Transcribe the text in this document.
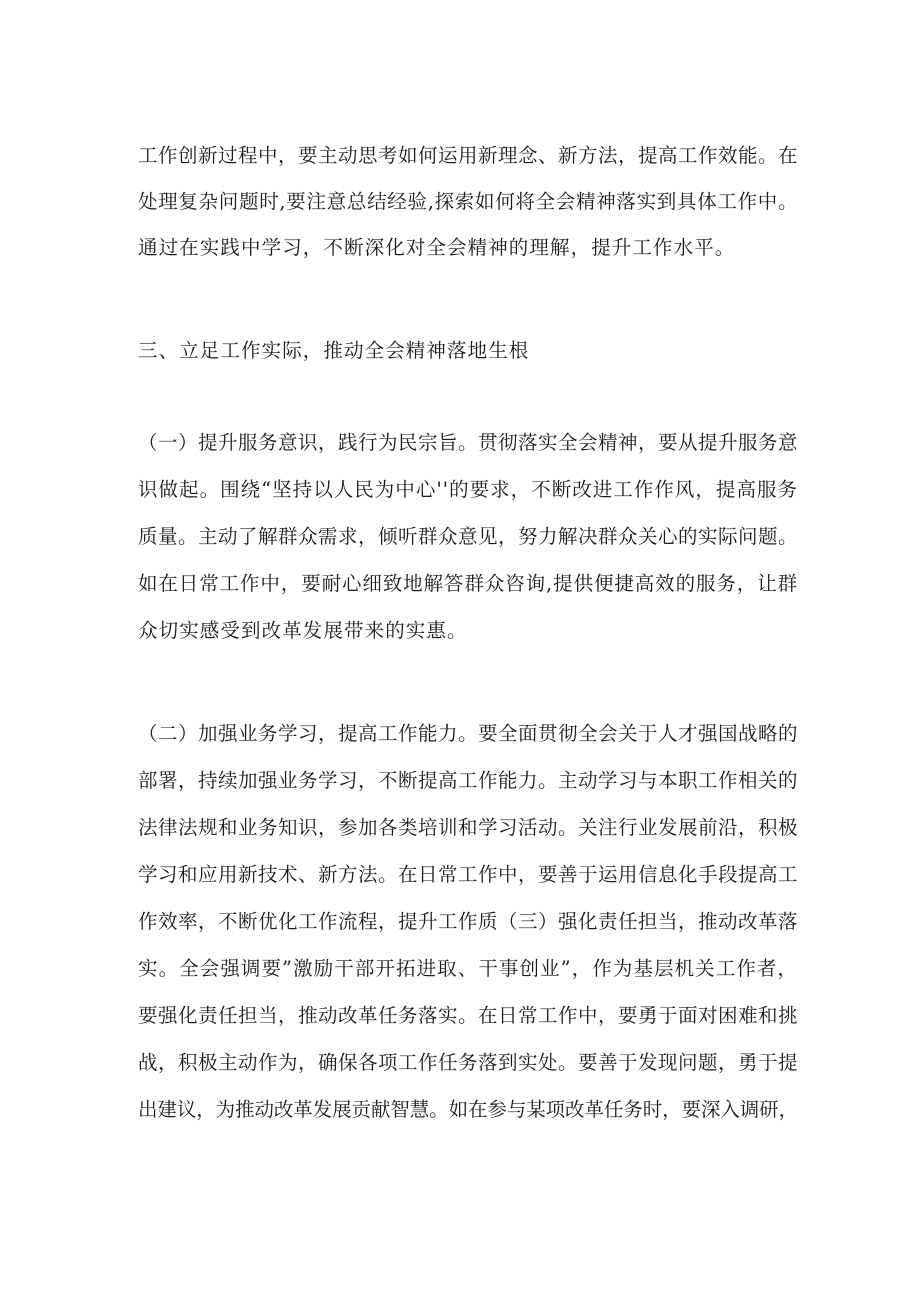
工作创新过程中，要主动思考如何运用新理念、新方法，提高工作效能。在
处理复杂问题时,要注意总结经验,探索如何将全会精神落实到具体工作中。
通过在实践中学习，不断深化对全会精神的理解，提升工作水平。
三、立足工作实际，推动全会精神落地生根
（一）提升服务意识，践行为民宗旨。贯彻落实全会精神，要从提升服务意
识做起。围绕“坚持以人民为中心''的要求，不断改进工作作风，提高服务
质量。主动了解群众需求，倾听群众意见，努力解决群众关心的实际问题。
如在日常工作中，要耐心细致地解答群众咨询,提供便捷高效的服务，让群
众切实感受到改革发展带来的实惠。
（二）加强业务学习，提高工作能力。要全面贯彻全会关于人才强国战略的
部署，持续加强业务学习，不断提高工作能力。主动学习与本职工作相关的
法律法规和业务知识，参加各类培训和学习活动。关注行业发展前沿，积极
学习和应用新技术、新方法。在日常工作中，要善于运用信息化手段提高工
作效率，不断优化工作流程，提升工作质（三）强化责任担当，推动改革落
实。全会强调要”激励干部开拓进取、干事创业”，作为基层机关工作者，
要强化责任担当，推动改革任务落实。在日常工作中，要勇于面对困难和挑
战，积极主动作为，确保各项工作任务落到实处。要善于发现问题，勇于提
出建议，为推动改革发展贡献智慧。如在参与某项改革任务时，要深入调研，
